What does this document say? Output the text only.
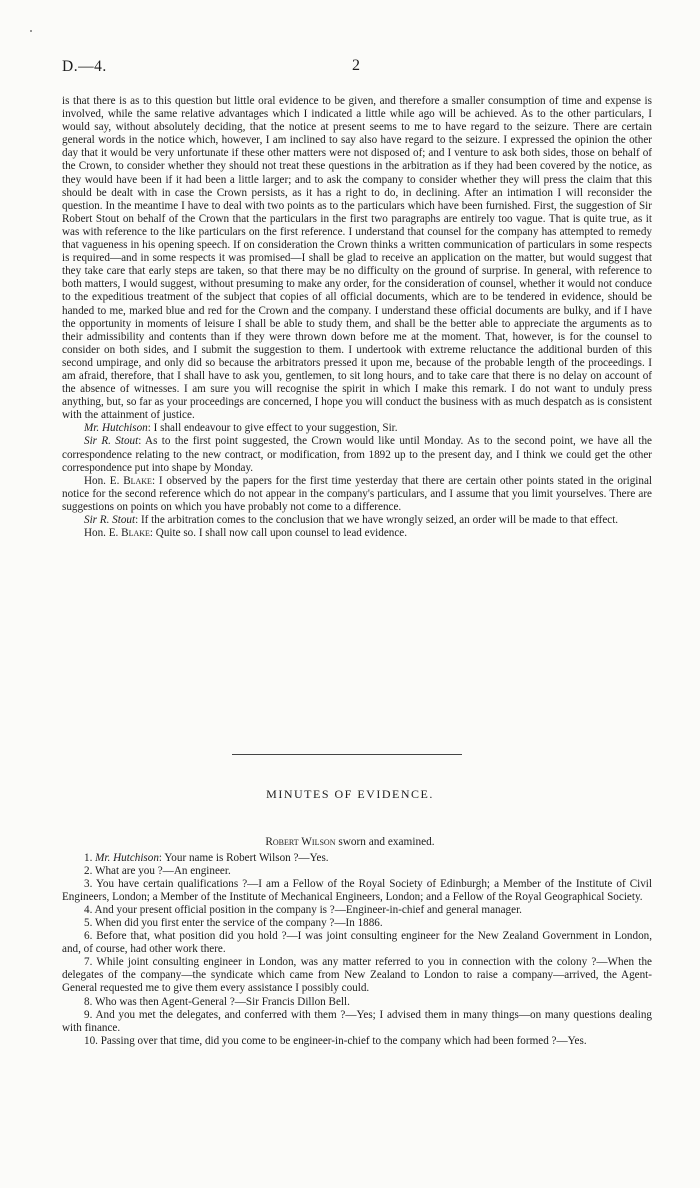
D.—4.	2

is that there is as to this question but little oral evidence to be given, and therefore a smaller consumption of time and expense is involved, while the same relative advantages which I indicated a little while ago will be achieved. As to the other particulars, I would say, without absolutely deciding, that the notice at present seems to me to have regard to the seizure. There are certain general words in the notice which, however, I am inclined to say also have regard to the seizure. I expressed the opinion the other day that it would be very unfortunate if these other matters were not disposed of; and I venture to ask both sides, those on behalf of the Crown, to consider whether they should not treat these questions in the arbitration as if they had been covered by the notice, as they would have been if it had been a little larger; and to ask the company to consider whether they will press the claim that this should be dealt with in case the Crown persists, as it has a right to do, in declining. After an intimation I will reconsider the question. In the meantime I have to deal with two points as to the particulars which have been furnished. First, the suggestion of Sir Robert Stout on behalf of the Crown that the particulars in the first two paragraphs are entirely too vague. That is quite true, as it was with reference to the like particulars on the first reference. I understand that counsel for the company has attempted to remedy that vagueness in his opening speech. If on consideration the Crown thinks a written communication of particulars in some respects is required—and in some respects it was promised—I shall be glad to receive an application on the matter, but would suggest that they take care that early steps are taken, so that there may be no difficulty on the ground of surprise. In general, with reference to both matters, I would suggest, without presuming to make any order, for the consideration of counsel, whether it would not conduce to the expeditious treatment of the subject that copies of all official documents, which are to be tendered in evidence, should be handed to me, marked blue and red for the Crown and the company. I understand these official documents are bulky, and if I have the opportunity in moments of leisure I shall be able to study them, and shall be the better able to appreciate the arguments as to their admissibility and contents than if they were thrown down before me at the moment. That, however, is for the counsel to consider on both sides, and I submit the suggestion to them. I undertook with extreme reluctance the additional burden of this second umpirage, and only did so because the arbitrators pressed it upon me, because of the probable length of the proceedings. I am afraid, therefore, that I shall have to ask you, gentlemen, to sit long hours, and to take care that there is no delay on account of the absence of witnesses. I am sure you will recognise the spirit in which I make this remark. I do not want to unduly press anything, but, so far as your proceedings are concerned, I hope you will conduct the business with as much despatch as is consistent with the attainment of justice.

Mr. Hutchison: I shall endeavour to give effect to your suggestion, Sir.

Sir R. Stout: As to the first point suggested, the Crown would like until Monday. As to the second point, we have all the correspondence relating to the new contract, or modification, from 1892 up to the present day, and I think we could get the other correspondence put into shape by Monday.

Hon. E. Blake: I observed by the papers for the first time yesterday that there are certain other points stated in the original notice for the second reference which do not appear in the company's particulars, and I assume that you limit yourselves. There are suggestions on points on which you have probably not come to a difference.

Sir R. Stout: If the arbitration comes to the conclusion that we have wrongly seized, an order will be made to that effect.

Hon. E. Blake: Quite so. I shall now call upon counsel to lead evidence.

MINUTES OF EVIDENCE.
Robert Wilson sworn and examined.

1. Mr. Hutchison: Your name is Robert Wilson ?—Yes.

2. What are you ?—An engineer.

3. You have certain qualifications ?—I am a Fellow of the Royal Society of Edinburgh; a Member of the Institute of Civil Engineers, London; a Member of the Institute of Mechanical Engineers, London; and a Fellow of the Royal Geographical Society.

4. And your present official position in the company is ?—Engineer-in-chief and general manager.

5. When did you first enter the service of the company ?—In 1886.

6. Before that, what position did you hold ?—I was joint consulting engineer for the New Zealand Government in London, and, of course, had other work there.

7. While joint consulting engineer in London, was any matter referred to you in connection with the colony ?—When the delegates of the company—the syndicate which came from New Zealand to London to raise a company—arrived, the Agent-General requested me to give them every assistance I possibly could.

8. Who was then Agent-General ?—Sir Francis Dillon Bell.

9. And you met the delegates, and conferred with them ?—Yes; I advised them in many things—on many questions dealing with finance.

10. Passing over that time, did you come to be engineer-in-chief to the company which had been formed ?—Yes.
